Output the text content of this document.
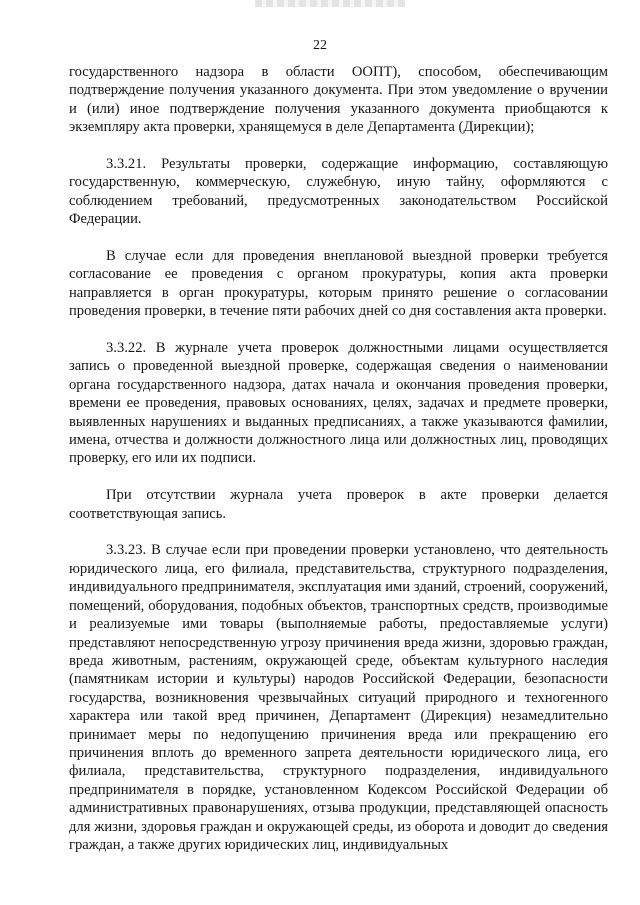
22

государственного надзора в области ООПТ), способом, обеспечивающим подтверждение получения указанного документа. При этом уведомление о вручении и (или) иное подтверждение получения указанного документа приобщаются к экземпляру акта проверки, хранящемуся в деле Департамента (Дирекции);

3.3.21. Результаты проверки, содержащие информацию, составляющую государственную, коммерческую, служебную, иную тайну, оформляются с соблюдением требований, предусмотренных законодательством Российской Федерации.

В случае если для проведения внеплановой выездной проверки требуется согласование ее проведения с органом прокуратуры, копия акта проверки направляется в орган прокуратуры, которым принято решение о согласовании проведения проверки, в течение пяти рабочих дней со дня составления акта проверки.

3.3.22. В журнале учета проверок должностными лицами осуществляется запись о проведенной выездной проверке, содержащая сведения о наименовании органа государственного надзора, датах начала и окончания проведения проверки, времени ее проведения, правовых основаниях, целях, задачах и предмете проверки, выявленных нарушениях и выданных предписаниях, а также указываются фамилии, имена, отчества и должности должностного лица или должностных лиц, проводящих проверку, его или их подписи.

При отсутствии журнала учета проверок в акте проверки делается соответствующая запись.

3.3.23. В случае если при проведении проверки установлено, что деятельность юридического лица, его филиала, представительства, структурного подразделения, индивидуального предпринимателя, эксплуатация ими зданий, строений, сооружений, помещений, оборудования, подобных объектов, транспортных средств, производимые и реализуемые ими товары (выполняемые работы, предоставляемые услуги) представляют непосредственную угрозу причинения вреда жизни, здоровью граждан, вреда животным, растениям, окружающей среде, объектам культурного наследия (памятникам истории и культуры) народов Российской Федерации, безопасности государства, возникновения чрезвычайных ситуаций природного и техногенного характера или такой вред причинен, Департамент (Дирекция) незамедлительно принимает меры по недопущению причинения вреда или прекращению его причинения вплоть до временного запрета деятельности юридического лица, его филиала, представительства, структурного подразделения, индивидуального предпринимателя в порядке, установленном Кодексом Российской Федерации об административных правонарушениях, отзыва продукции, представляющей опасность для жизни, здоровья граждан и окружающей среды, из оборота и доводит до сведения граждан, а также других юридических лиц, индивидуальных
